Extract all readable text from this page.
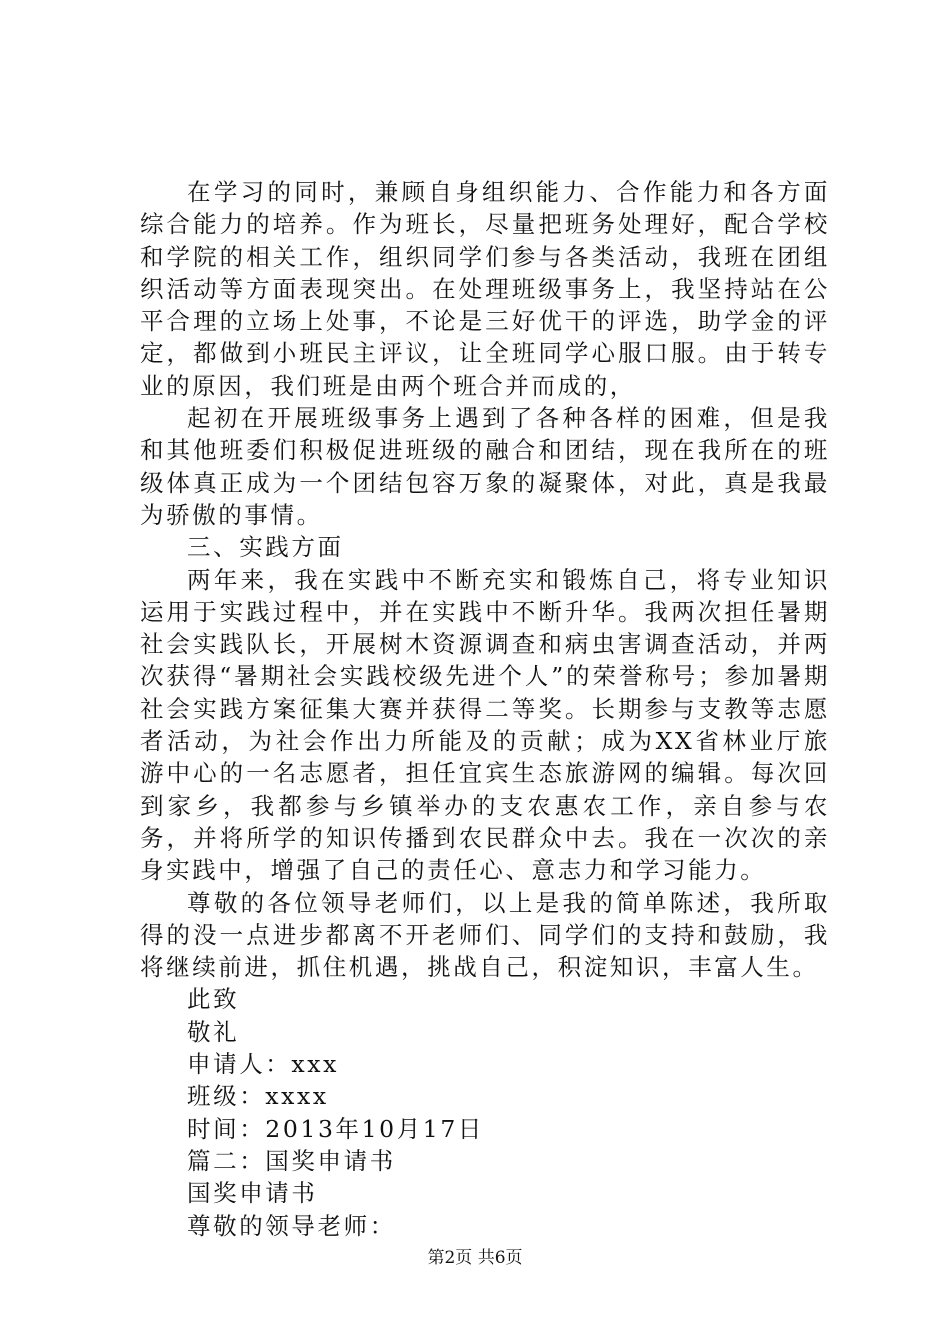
在学习的同时，兼顾自身组织能力、合作能力和各方面综合能力的培养。作为班长，尽量把班务处理好，配合学校和学院的相关工作，组织同学们参与各类活动，我班在团组织活动等方面表现突出。在处理班级事务上，我坚持站在公平合理的立场上处事，不论是三好优干的评选，助学金的评定，都做到小班民主评议，让全班同学心服口服。由于转专业的原因，我们班是由两个班合并而成的，

起初在开展班级事务上遇到了各种各样的困难，但是我和其他班委们积极促进班级的融合和团结，现在我所在的班级体真正成为一个团结包容万象的凝聚体，对此，真是我最为骄傲的事情。

三、实践方面

两年来，我在实践中不断充实和锻炼自己，将专业知识运用于实践过程中，并在实践中不断升华。我两次担任暑期社会实践队长，开展树木资源调查和病虫害调查活动，并两次获得“暑期社会实践校级先进个人”的荣誉称号；参加暑期社会实践方案征集大赛并获得二等奖。长期参与支教等志愿者活动，为社会作出力所能及的贡献；成为XX省林业厅旅游中心的一名志愿者，担任宜宾生态旅游网的编辑。每次回到家乡，我都参与乡镇举办的支农惠农工作，亲自参与农务，并将所学的知识传播到农民群众中去。我在一次次的亲身实践中，增强了自己的责任心、意志力和学习能力。

尊敬的各位领导老师们，以上是我的简单陈述，我所取得的没一点进步都离不开老师们、同学们的支持和鼓励，我将继续前进，抓住机遇，挑战自己，积淀知识，丰富人生。

此致

敬礼

申请人：xxx

班级：xxxx

时间：2013年10月17日

篇二：国奖申请书

国奖申请书

尊敬的领导老师：

第2页 共6页
